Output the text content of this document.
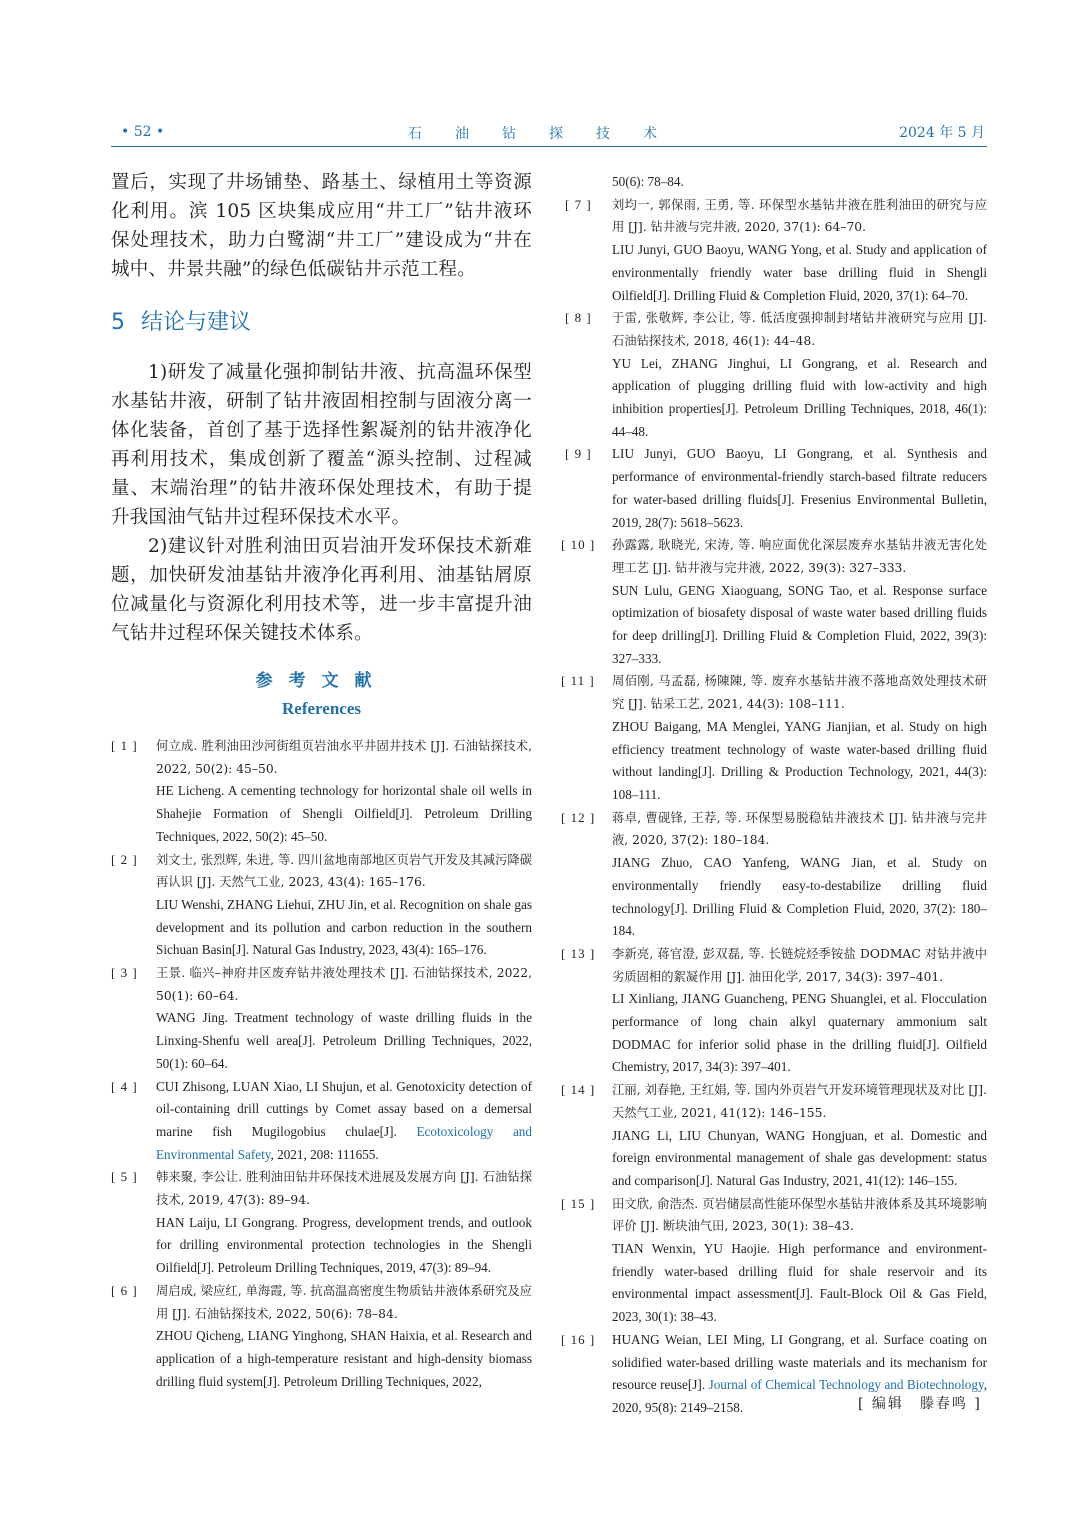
• 52 •	石油钻探技术	2024 年 5 月

置后，实现了井场铺垫、路基土、绿植用土等资源化利用。滨 105 区块集成应用“井工厂”钻井液环保处理技术，助力白鹭湖“井工厂”建设成为“井在城中、井景共融”的绿色低碳钻井示范工程。

5 结论与建议

1)研发了减量化强抑制钻井液、抗高温环保型水基钻井液，研制了钻井液固相控制与固液分离一体化装备，首创了基于选择性絮凝剂的钻井液净化再利用技术，集成创新了覆盖“源头控制、过程减量、末端治理”的钻井液环保处理技术，有助于提升我国油气钻井过程环保技术水平。

2)建议针对胜利油田页岩油开发环保技术新难题，加快研发油基钻井液净化再利用、油基钻屑原位减量化与资源化利用技术等，进一步丰富提升油气钻井过程环保关键技术体系。

参考文献
References

[ 1 ] 何立成. 胜利油田沙河街组页岩油水平井固井技术 [J]. 石油钻探技术, 2022, 50(2): 45–50.
HE Licheng. A cementing technology for horizontal shale oil wells in Shahejie Formation of Shengli Oilfield[J]. Petroleum Drilling Techniques, 2022, 50(2): 45–50.

[ 2 ] 刘文士, 张烈辉, 朱进, 等. 四川盆地南部地区页岩气开发及其减污降碳再认识 [J]. 天然气工业, 2023, 43(4): 165–176.
LIU Wenshi, ZHANG Liehui, ZHU Jin, et al. Recognition on shale gas development and its pollution and carbon reduction in the southern Sichuan Basin[J]. Natural Gas Industry, 2023, 43(4): 165–176.

[ 3 ] 王景. 临兴–神府井区废弃钻井液处理技术 [J]. 石油钻探技术, 2022, 50(1): 60–64.
WANG Jing. Treatment technology of waste drilling fluids in the Linxing-Shenfu well area[J]. Petroleum Drilling Techniques, 2022, 50(1): 60–64.

[ 4 ] CUI Zhisong, LUAN Xiao, LI Shujun, et al. Genotoxicity detection of oil-containing drill cuttings by Comet assay based on a demersal marine fish Mugilogobius chulae[J]. Ecotoxicology and Environmental Safety, 2021, 208: 111655.

[ 5 ] 韩来聚, 李公让. 胜利油田钻井环保技术进展及发展方向 [J]. 石油钻探技术, 2019, 47(3): 89–94.
HAN Laiju, LI Gongrang. Progress, development trends, and outlook for drilling environmental protection technologies in the Shengli Oilfield[J]. Petroleum Drilling Techniques, 2019, 47(3): 89–94.

[ 6 ] 周启成, 梁应红, 单海霞, 等. 抗高温高密度生物质钻井液体系研究及应用 [J]. 石油钻探技术, 2022, 50(6): 78–84.
ZHOU Qicheng, LIANG Yinghong, SHAN Haixia, et al. Research and application of a high-temperature resistant and high-density biomass drilling fluid system[J]. Petroleum Drilling Techniques, 2022,

50(6): 78–84.

[ 7 ] 刘均一, 郭保雨, 王勇, 等. 环保型水基钻井液在胜利油田的研究与应用 [J]. 钻井液与完井液, 2020, 37(1): 64–70.
LIU Junyi, GUO Baoyu, WANG Yong, et al. Study and application of environmentally friendly water base drilling fluid in Shengli Oilfield[J]. Drilling Fluid & Completion Fluid, 2020, 37(1): 64–70.

[ 8 ] 于雷, 张敬辉, 李公让, 等. 低活度强抑制封堵钻井液研究与应用 [J]. 石油钻探技术, 2018, 46(1): 44–48.
YU Lei, ZHANG Jinghui, LI Gongrang, et al. Research and application of plugging drilling fluid with low-activity and high inhibition properties[J]. Petroleum Drilling Techniques, 2018, 46(1): 44–48.

[ 9 ] LIU Junyi, GUO Baoyu, LI Gongrang, et al. Synthesis and performance of environmental-friendly starch-based filtrate reducers for water-based drilling fluids[J]. Fresenius Environmental Bulletin, 2019, 28(7): 5618–5623.

[ 10 ] 孙露露, 耿晓光, 宋涛, 等. 响应面优化深层废弃水基钻井液无害化处理工艺 [J]. 钻井液与完井液, 2022, 39(3): 327–333.
SUN Lulu, GENG Xiaoguang, SONG Tao, et al. Response surface optimization of biosafety disposal of waste water based drilling fluids for deep drilling[J]. Drilling Fluid & Completion Fluid, 2022, 39(3): 327–333.

[ 11 ] 周佰刚, 马孟磊, 杨陳陳, 等. 废弃水基钻井液不落地高效处理技术研究 [J]. 钻采工艺, 2021, 44(3): 108–111.
ZHOU Baigang, MA Menglei, YANG Jianjian, et al. Study on high efficiency treatment technology of waste water-based drilling fluid without landing[J]. Drilling & Production Technology, 2021, 44(3): 108–111.

[ 12 ] 蒋卓, 曹砚锋, 王荐, 等. 环保型易脱稳钻井液技术 [J]. 钻井液与完井液, 2020, 37(2): 180–184.
JIANG Zhuo, CAO Yanfeng, WANG Jian, et al. Study on environmentally friendly easy-to-destabilize drilling fluid technology[J]. Drilling Fluid & Completion Fluid, 2020, 37(2): 180–184.

[ 13 ] 李新亮, 蒋官澄, 彭双磊, 等. 长链烷烃季铵盐 DODMAC 对钻井液中劣质固相的絮凝作用 [J]. 油田化学, 2017, 34(3): 397–401.
LI Xinliang, JIANG Guancheng, PENG Shuanglei, et al. Flocculation performance of long chain alkyl quaternary ammonium salt DODMAC for inferior solid phase in the drilling fluid[J]. Oilfield Chemistry, 2017, 34(3): 397–401.

[ 14 ] 江丽, 刘春艳, 王红娟, 等. 国内外页岩气开发环境管理现状及对比 [J]. 天然气工业, 2021, 41(12): 146–155.
JIANG Li, LIU Chunyan, WANG Hongjuan, et al. Domestic and foreign environmental management of shale gas development: status and comparison[J]. Natural Gas Industry, 2021, 41(12): 146–155.

[ 15 ] 田文欣, 俞浩杰. 页岩储层高性能环保型水基钻井液体系及其环境影响评价 [J]. 断块油气田, 2023, 30(1): 38–43.
TIAN Wenxin, YU Haojie. High performance and environment-friendly water-based drilling fluid for shale reservoir and its environmental impact assessment[J]. Fault-Block Oil & Gas Field, 2023, 30(1): 38–43.

[ 16 ] HUANG Weian, LEI Ming, LI Gongrang, et al. Surface coating on solidified water-based drilling waste materials and its mechanism for resource reuse[J]. Journal of Chemical Technology and Biotechnology, 2020, 95(8): 2149–2158.	[ 编辑　滕春鸣 ]
